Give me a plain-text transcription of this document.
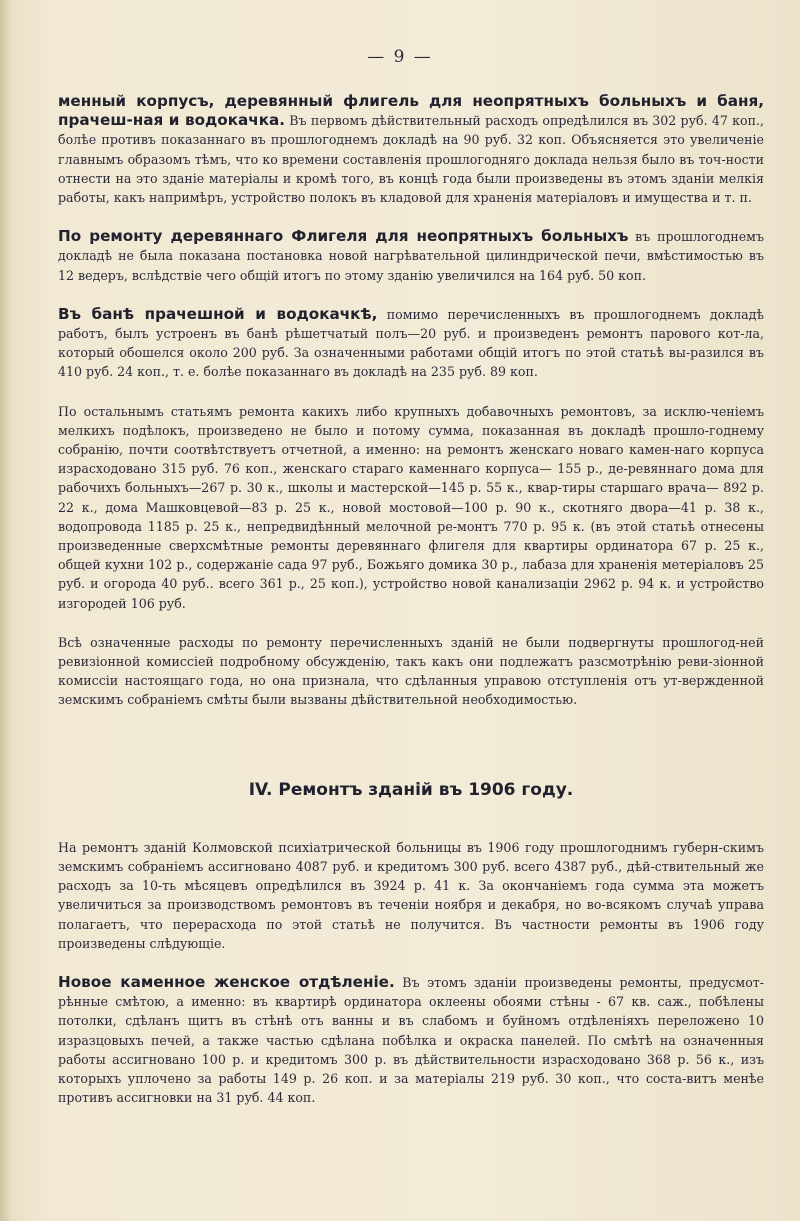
— 9 —

менный корпусъ, деревянный флигель для неопрятныхъ больныхъ и баня, прачеш-ная и водокачка. Въ первомъ дѣйствительный расходъ опредѣлился въ 302 руб. 47 коп., болѣе противъ показаннаго въ прошлогоднемъ докладѣ на 90 руб. 32 коп. Объясняется это увеличеніе главнымъ образомъ тѣмъ, что ко времени составленія прошлогодняго доклада нельзя было въ точ-ности отнести на это зданіе матеріалы и кромѣ того, въ концѣ года были произведены въ этомъ зданіи мелкія работы, какъ напримѣръ, устройство полокъ въ кладовой для храненія матеріаловъ и имущества и т. п.

По ремонту деревяннаго Флигеля для неопрятныхъ больныхъ въ прошлогоднемъ докладѣ не была показана постановка новой нагрѣвательной цилиндрической печи, вмѣстимостью въ 12 ведеръ, вслѣдствіе чего общій итогъ по этому зданію увеличился на 164 руб. 50 коп.

Въ банѣ прачешной и водокачкѣ, помимо перечисленныхъ въ прошлогоднемъ докладѣ работъ, былъ устроенъ въ банѣ рѣшетчатый полъ—20 руб. и произведенъ ремонтъ парового кот-ла, который обошелся около 200 руб. За означенными работами общій итогъ по этой статьѣ вы-разился въ 410 руб. 24 коп., т. е. болѣе показаннаго въ докладѣ на 235 руб. 89 коп.

По остальнымъ статьямъ ремонта какихъ либо крупныхъ добавочныхъ ремонтовъ, за исклю-ченіемъ мелкихъ подѣлокъ, произведено не было и потому сумма, показанная въ докладѣ прошло-годнему собранію, почти соотвѣтствуетъ отчетной, а именно: на ремонтъ женскаго новаго камен-наго корпуса израсходовано 315 руб. 76 коп., женскаго стараго каменнаго корпуса— 155 р., де-ревяннаго дома для рабочихъ больныхъ—267 р. 30 к., школы и мастерской—145 р. 55 к., квар-тиры старшаго врача— 892 р. 22 к., дома Машковцевой—83 р. 25 к., новой мостовой—100 р. 90 к., скотняго двора—41 р. 38 к., водопровода 1185 р. 25 к., непредвидѣнный мелочной ре-монтъ 770 р. 95 к. (въ этой статьѣ отнесены произведенные сверхсмѣтные ремонты деревяннаго флигеля для квартиры ординатора 67 р. 25 к., общей кухни 102 р., содержаніе сада 97 руб., Божьяго домика 30 р., лабаза для храненія метеріаловъ 25 руб. и огорода 40 руб.. всего 361 р., 25 коп.), устройство новой канализаціи 2962 р. 94 к. и устройство изгородей 106 руб.

Всѣ означенные расходы по ремонту перечисленныхъ зданій не были подвергнуты прошлогод-ней ревизіонной комиссіей подробному обсужденію, такъ какъ они подлежатъ разсмотрѣнію реви-зіонной комиссіи настоящаго года, но она признала, что сдѣланныя управою отступленія отъ ут-вержденной земскимъ собраніемъ смѣты были вызваны дѣйствительной необходимостью.

IV. Ремонтъ зданій въ 1906 году.

На ремонтъ зданій Колмовской психіатрической больницы въ 1906 году прошлогоднимъ губерн-скимъ земскимъ собраніемъ ассигновано 4087 руб. и кредитомъ 300 руб. всего 4387 руб., дѣй-ствительный же расходъ за 10-ть мѣсяцевъ опредѣлился въ 3924 р. 41 к. За окончаніемъ года сумма эта можетъ увеличиться за производствомъ ремонтовъ въ теченіи ноября и декабря, но во-всякомъ случаѣ управа полагаетъ, что перерасхода по этой статьѣ не получится. Въ частности ремонты въ 1906 году произведены слѣдующіе.

Новое каменное женское отдѣленіе. Въ этомъ зданіи произведены ремонты, предусмот-рѣнные смѣтою, а именно: въ квартирѣ ординатора оклеены обоями стѣны - 67 кв. саж., побѣлены потолки, сдѣланъ щитъ въ стѣнѣ отъ ванны и въ слабомъ и буйномъ отдѣленіяхъ переложено 10 изразцовыхъ печей, а также частью сдѣлана побѣлка и окраска панелей. По смѣтѣ на означенныя работы ассигновано 100 р. и кредитомъ 300 р. въ дѣйствительности израсходовано 368 р. 56 к., изъ которыхъ уплочено за работы 149 р. 26 коп. и за матеріалы 219 руб. 30 коп., что соста-витъ менѣе противъ ассигновки на 31 руб. 44 коп.
